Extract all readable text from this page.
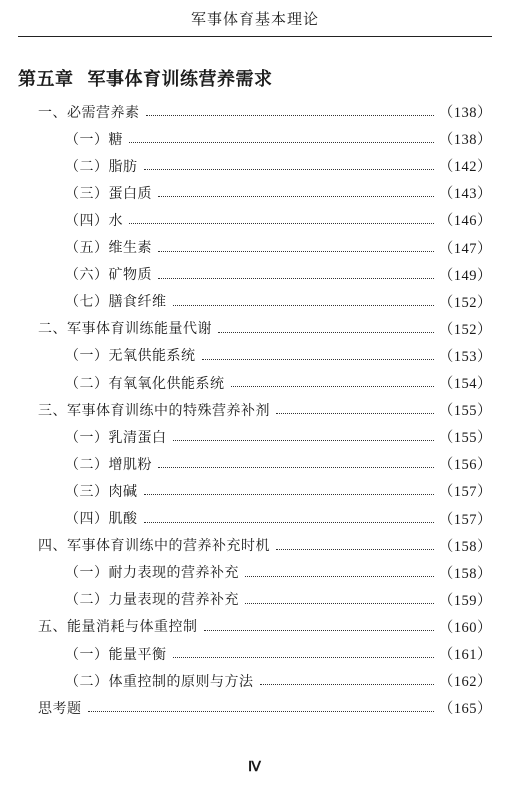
军事体育基本理论
第五章 军事体育训练营养需求
一、必需营养素	（138）
（一）糖	（138）
（二）脂肪	（142）
（三）蛋白质	（143）
（四）水	（146）
（五）维生素	（147）
（六）矿物质	（149）
（七）膳食纤维	（152）
二、军事体育训练能量代谢	（152）
（一）无氧供能系统	（153）
（二）有氧氧化供能系统	（154）
三、军事体育训练中的特殊营养补剂	（155）
（一）乳清蛋白	（155）
（二）增肌粉	（156）
（三）肉碱	（157）
（四）肌酸	（157）
四、军事体育训练中的营养补充时机	（158）
（一）耐力表现的营养补充	（158）
（二）力量表现的营养补充	（159）
五、能量消耗与体重控制	（160）
（一）能量平衡	（161）
（二）体重控制的原则与方法	（162）
思考题	（165）
Ⅳ
